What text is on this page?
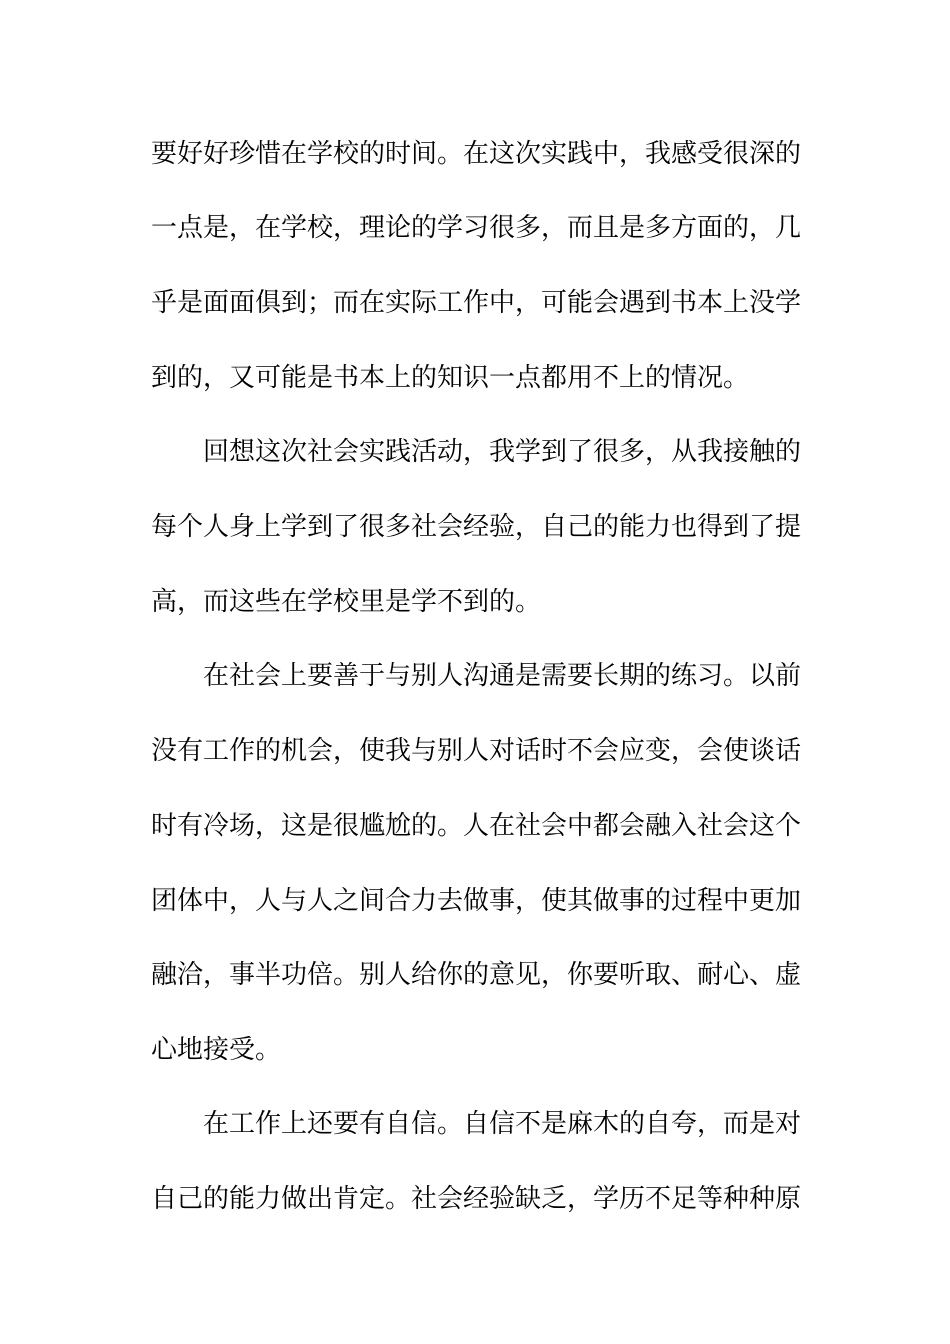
要好好珍惜在学校的时间。在这次实践中，我感受很深的
一点是，在学校，理论的学习很多，而且是多方面的，几
乎是面面俱到；而在实际工作中，可能会遇到书本上没学
到的，又可能是书本上的知识一点都用不上的情况。
回想这次社会实践活动，我学到了很多，从我接触的
每个人身上学到了很多社会经验，自己的能力也得到了提
高，而这些在学校里是学不到的。
在社会上要善于与别人沟通是需要长期的练习。以前
没有工作的机会，使我与别人对话时不会应变，会使谈话
时有冷场，这是很尴尬的。人在社会中都会融入社会这个
团体中，人与人之间合力去做事，使其做事的过程中更加
融洽，事半功倍。别人给你的意见，你要听取、耐心、虚
心地接受。
在工作上还要有自信。自信不是麻木的自夸，而是对
自己的能力做出肯定。社会经验缺乏，学历不足等种种原
